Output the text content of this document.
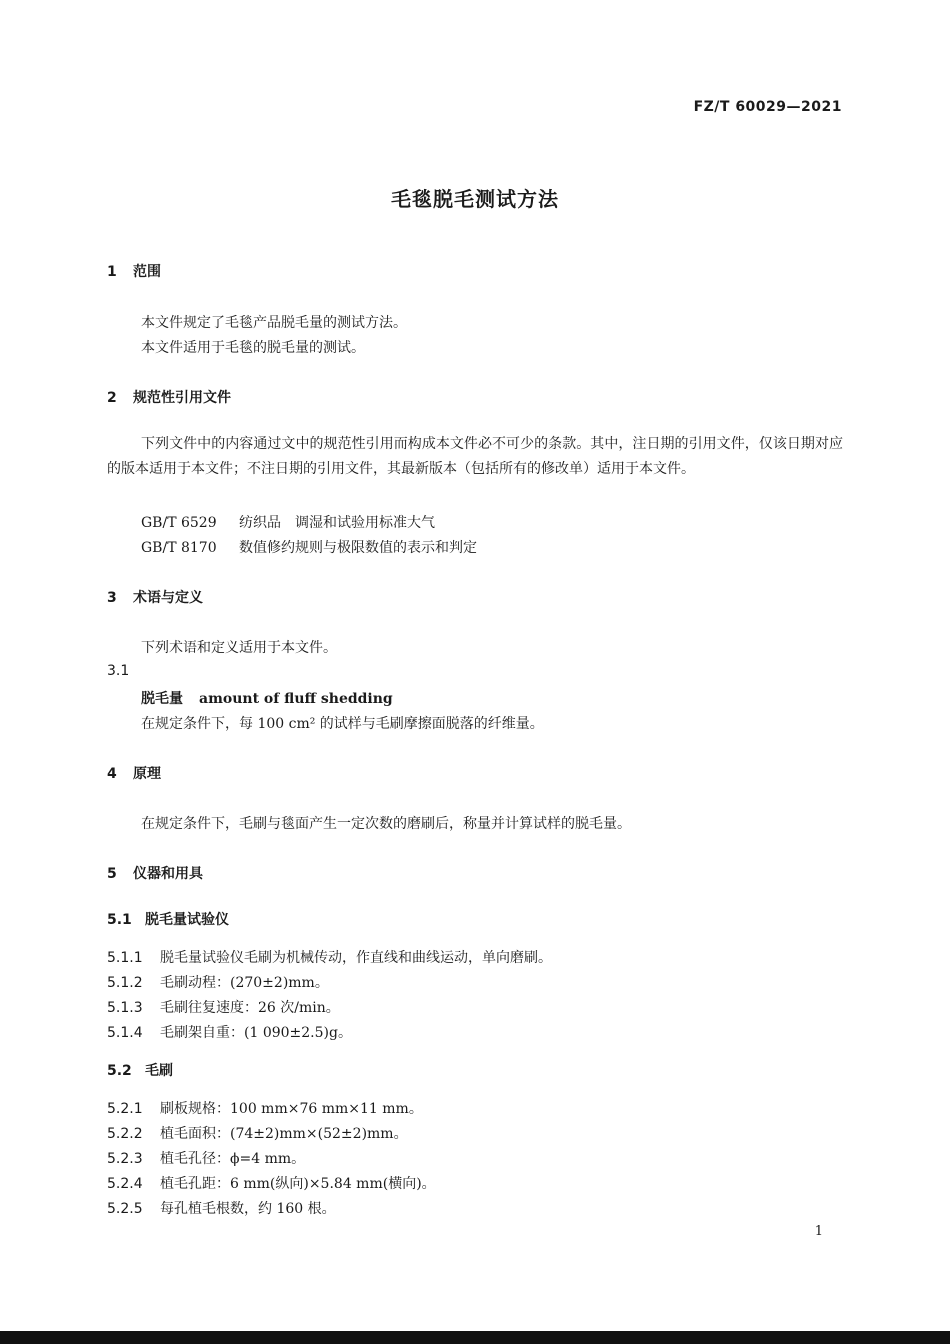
FZ/T 60029—2021
毛毯脱毛测试方法
1 范围
本文件规定了毛毯产品脱毛量的测试方法。
本文件适用于毛毯的脱毛量的测试。
2 规范性引用文件
下列文件中的内容通过文中的规范性引用而构成本文件必不可少的条款。其中，注日期的引用文件，仅该日期对应的版本适用于本文件；不注日期的引用文件，其最新版本（包括所有的修改单）适用于本文件。
GB/T 6529 纺织品　调湿和试验用标准大气
GB/T 8170 数值修约规则与极限数值的表示和判定
3 术语与定义
下列术语和定义适用于本文件。
3.1
脱毛量 amount of fluff shedding
在规定条件下，每 100 cm² 的试样与毛刷摩擦面脱落的纤维量。
4 原理
在规定条件下，毛刷与毯面产生一定次数的磨刷后，称量并计算试样的脱毛量。
5 仪器和用具
5.1 脱毛量试验仪
5.1.1 脱毛量试验仪毛刷为机械传动，作直线和曲线运动，单向磨刷。
5.1.2 毛刷动程：(270±2)mm。
5.1.3 毛刷往复速度：26 次/min。
5.1.4 毛刷架自重：(1 090±2.5)g。
5.2 毛刷
5.2.1 刷板规格：100 mm×76 mm×11 mm。
5.2.2 植毛面积：(74±2)mm×(52±2)mm。
5.2.3 植毛孔径：ϕ=4 mm。
5.2.4 植毛孔距：6 mm(纵向)×5.84 mm(横向)。
5.2.5 每孔植毛根数，约 160 根。
1
